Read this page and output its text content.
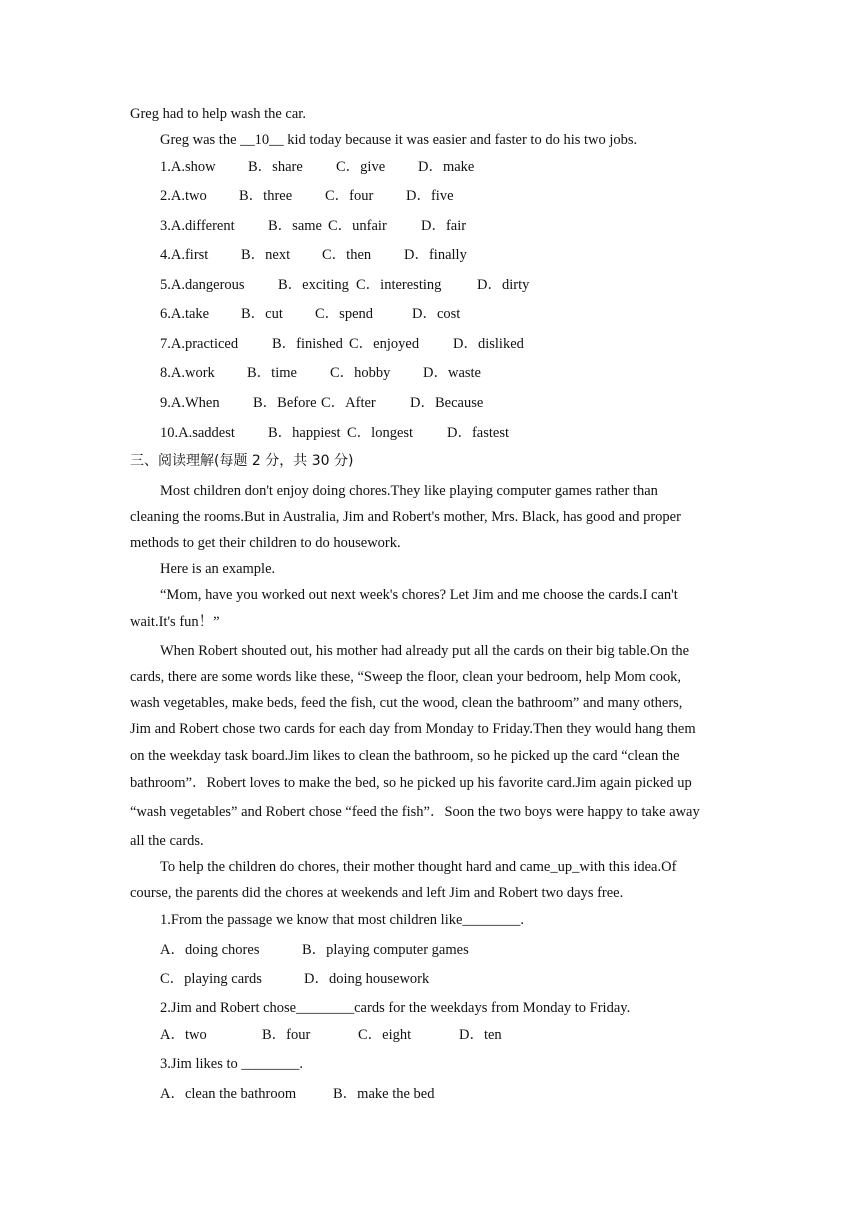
Greg had to help wash the car.
Greg was the __10__ kid today because it was easier and faster to do his two jobs.
1.A.show B．share C．give D．make
2.A.two B．three C．four D．five
3.A.different B．same C．unfair D．fair
4.A.first B．next C．then D．finally
5.A.dangerous B．exciting C．interesting D．dirty
6.A.take B．cut C．spend	D．cost
7.A.practiced B．finished C．enjoyed D．disliked
8.A.work B．time C．hobby D．waste
9.A.When B．Before C．After D．Because
10.A.saddest B．happiest C．longest D．fastest
三、阅读理解(每题 2 分，共 30 分)
Most children don't enjoy doing chores.They like playing computer games rather than
cleaning the rooms.But in Australia, Jim and Robert's mother, Mrs. Black, has good and proper
methods to get their children to do housework.
Here is an example.
“Mom, have you worked out next week's chores? Let Jim and me choose the cards.I can't
wait.It's fun！”
When Robert shouted out, his mother had already put all the cards on their big table.On the
cards, there are some words like these, “Sweep the floor, clean your bedroom, help Mom cook,
wash vegetables, make beds, feed the fish, cut the wood, clean the bathroom” and many others,
Jim and Robert chose two cards for each day from Monday to Friday.Then they would hang them
on the weekday task board.Jim likes to clean the bathroom, so he picked up the card “clean the
bathroom”．Robert loves to make the bed, so he picked up his favorite card.Jim again picked up
“wash vegetables” and Robert chose “feed the fish”．Soon the two boys were happy to take away
all the cards.
To help the children do chores, their mother thought hard and came_up_with this idea.Of
course, the parents did the chores at weekends and left Jim and Robert two days free.
1.From the passage we know that most children like________.
A．doing chores	B．playing computer games
C．playing cards	D．doing housework
2.Jim and Robert chose________cards for the weekdays from Monday to Friday.
A．two	B．four	C．eight	D．ten
3.Jim likes to ________.
A．clean the bathroom	B．make the bed
